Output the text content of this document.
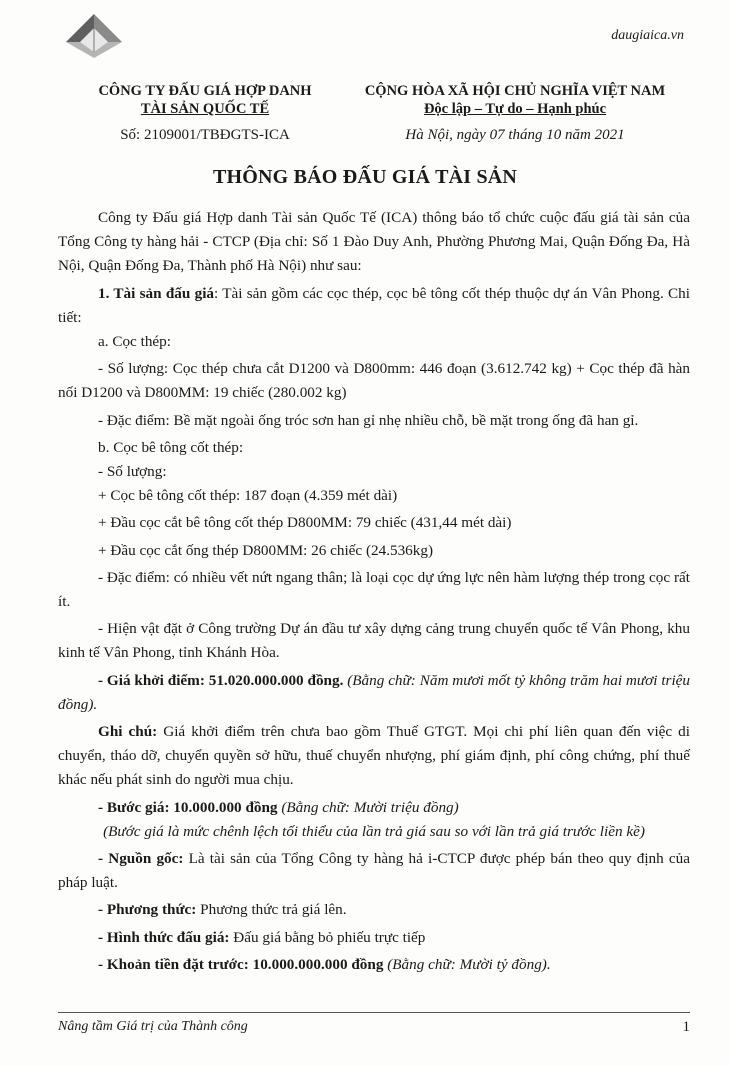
daugiaica.vn
CÔNG TY ĐẤU GIÁ HỢP DANH
TÀI SẢN QUỐC TẾ
CỘNG HÒA XÃ HỘI CHỦ NGHĨA VIỆT NAM
Độc lập – Tự do – Hạnh phúc
Số: 2109001/TBĐGTS-ICA	Hà Nội, ngày 07 tháng 10 năm 2021
THÔNG BÁO ĐẤU GIÁ TÀI SẢN

Công ty Đấu giá Hợp danh Tài sản Quốc Tế (ICA) thông báo tổ chức cuộc đấu giá tài sản của Tổng Công ty hàng hải - CTCP (Địa chỉ: Số 1 Đào Duy Anh, Phường Phương Mai, Quận Đống Đa, Hà Nội, Quận Đống Đa, Thành phố Hà Nội) như sau:

1. Tài sản đấu giá: Tài sản gồm các cọc thép, cọc bê tông cốt thép thuộc dự án Vân Phong. Chi tiết:

a. Cọc thép:

- Số lượng: Cọc thép chưa cắt D1200 và D800mm: 446 đoạn (3.612.742 kg) + Cọc thép đã hàn nối D1200 và D800MM: 19 chiếc (280.002 kg)

- Đặc điểm: Bề mặt ngoài ống tróc sơn han gỉ nhẹ nhiều chỗ, bề mặt trong ống đã han gỉ.

b. Cọc bê tông cốt thép:

- Số lượng:

+ Cọc bê tông cốt thép: 187 đoạn (4.359 mét dài)

+ Đầu cọc cắt bê tông cốt thép D800MM: 79 chiếc (431,44 mét dài)

+ Đầu cọc cắt ống thép D800MM: 26 chiếc (24.536kg)

- Đặc điểm: có nhiều vết nứt ngang thân; là loại cọc dự ứng lực nên hàm lượng thép trong cọc rất ít.

- Hiện vật đặt ở Công trường Dự án đầu tư xây dựng cảng trung chuyển quốc tế Vân Phong, khu kinh tế Vân Phong, tỉnh Khánh Hòa.

- Giá khởi điểm: 51.020.000.000 đồng. (Bằng chữ: Năm mươi mốt tỷ không trăm hai mươi triệu đồng).

Ghi chú: Giá khởi điểm trên chưa bao gồm Thuế GTGT. Mọi chi phí liên quan đến việc di chuyển, tháo dỡ, chuyển quyền sở hữu, thuế chuyển nhượng, phí giám định, phí công chứng, phí thuế khác nếu phát sinh do người mua chịu.

- Bước giá: 10.000.000 đồng (Bằng chữ: Mười triệu đồng)

(Bước giá là mức chênh lệch tối thiểu của lần trả giá sau so với lần trả giá trước liền kề)

- Nguồn gốc: Là tài sản của Tổng Công ty hàng hả i-CTCP được phép bán theo quy định của pháp luật.

- Phương thức: Phương thức trả giá lên.

- Hình thức đấu giá: Đấu giá bằng bỏ phiếu trực tiếp

- Khoản tiền đặt trước: 10.000.000.000 đồng (Bằng chữ: Mười tỷ đồng).

Nâng tầm Giá trị của Thành công	1
